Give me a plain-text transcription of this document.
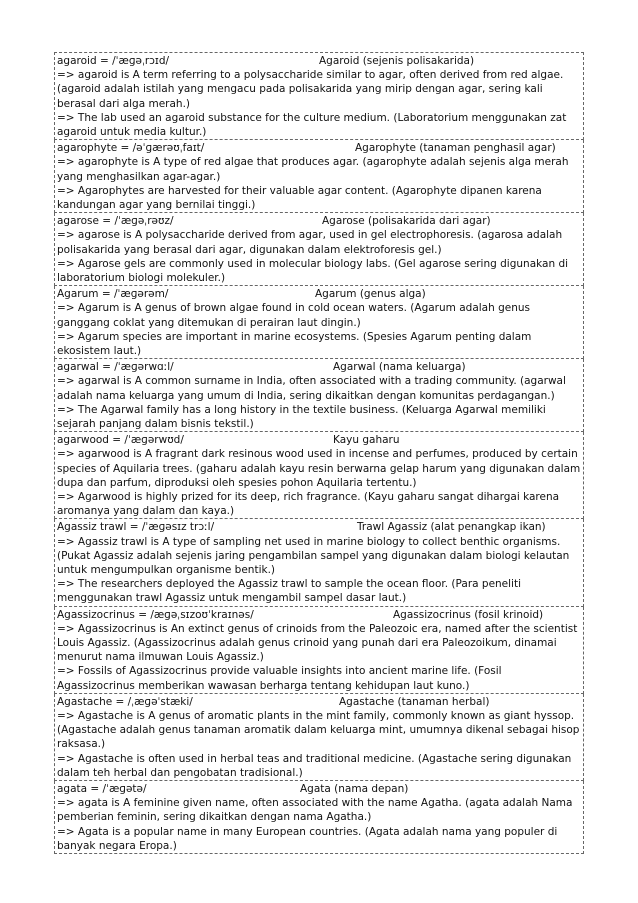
agaroid = /ˈæɡəˌrɔɪd/	Agaroid (sejenis polisakarida)
=> agaroid is A term referring to a polysaccharide similar to agar, often derived from red algae. (agaroid adalah istilah yang mengacu pada polisakarida yang mirip dengan agar, sering kali berasal dari alga merah.)
=> The lab used an agaroid substance for the culture medium. (Laboratorium menggunakan zat agaroid untuk media kultur.)
agarophyte = /əˈɡærəʊˌfaɪt/	Agarophyte (tanaman penghasil agar)
=> agarophyte is A type of red algae that produces agar. (agarophyte adalah sejenis alga merah yang menghasilkan agar-agar.)
=> Agarophytes are harvested for their valuable agar content. (Agarophyte dipanen karena kandungan agar yang bernilai tinggi.)
agarose = /ˈæɡəˌrəʊz/	Agarose (polisakarida dari agar)
=> agarose is A polysaccharide derived from agar, used in gel electrophoresis. (agarosa adalah polisakarida yang berasal dari agar, digunakan dalam elektroforesis gel.)
=> Agarose gels are commonly used in molecular biology labs. (Gel agarose sering digunakan di laboratorium biologi molekuler.)
Agarum = /ˈæɡərəm/	Agarum (genus alga)
=> Agarum is A genus of brown algae found in cold ocean waters. (Agarum adalah genus ganggang coklat yang ditemukan di perairan laut dingin.)
=> Agarum species are important in marine ecosystems. (Spesies Agarum penting dalam ekosistem laut.)
agarwal = /ˈæɡərwɑːl/	Agarwal (nama keluarga)
=> agarwal is A common surname in India, often associated with a trading community. (agarwal adalah nama keluarga yang umum di India, sering dikaitkan dengan komunitas perdagangan.)
=> The Agarwal family has a long history in the textile business. (Keluarga Agarwal memiliki sejarah panjang dalam bisnis tekstil.)
agarwood = /ˈæɡərwʊd/	Kayu gaharu
=> agarwood is A fragrant dark resinous wood used in incense and perfumes, produced by certain species of Aquilaria trees. (gaharu adalah kayu resin berwarna gelap harum yang digunakan dalam dupa dan parfum, diproduksi oleh spesies pohon Aquilaria tertentu.)
=> Agarwood is highly prized for its deep, rich fragrance. (Kayu gaharu sangat dihargai karena aromanya yang dalam dan kaya.)
Agassiz trawl = /ˈæɡəsɪz trɔːl/	Trawl Agassiz (alat penangkap ikan)
=> Agassiz trawl is A type of sampling net used in marine biology to collect benthic organisms. (Pukat Agassiz adalah sejenis jaring pengambilan sampel yang digunakan dalam biologi kelautan untuk mengumpulkan organisme bentik.)
=> The researchers deployed the Agassiz trawl to sample the ocean floor. (Para peneliti menggunakan trawl Agassiz untuk mengambil sampel dasar laut.)
Agassizocrinus = /æɡəˌsɪzoʊˈkraɪnəs/	Agassizocrinus (fosil krinoid)
=> Agassizocrinus is An extinct genus of crinoids from the Paleozoic era, named after the scientist Louis Agassiz. (Agassizocrinus adalah genus crinoid yang punah dari era Paleozoikum, dinamai menurut nama ilmuwan Louis Agassiz.)
=> Fossils of Agassizocrinus provide valuable insights into ancient marine life. (Fosil Agassizocrinus memberikan wawasan berharga tentang kehidupan laut kuno.)
Agastache = /ˌæɡəˈstæki/	Agastache (tanaman herbal)
=> Agastache is A genus of aromatic plants in the mint family, commonly known as giant hyssop. (Agastache adalah genus tanaman aromatik dalam keluarga mint, umumnya dikenal sebagai hisop raksasa.)
=> Agastache is often used in herbal teas and traditional medicine. (Agastache sering digunakan dalam teh herbal dan pengobatan tradisional.)
agata = /ˈæɡətə/	Agata (nama depan)
=> agata is A feminine given name, often associated with the name Agatha. (agata adalah Nama pemberian feminin, sering dikaitkan dengan nama Agatha.)
=> Agata is a popular name in many European countries. (Agata adalah nama yang populer di banyak negara Eropa.)
